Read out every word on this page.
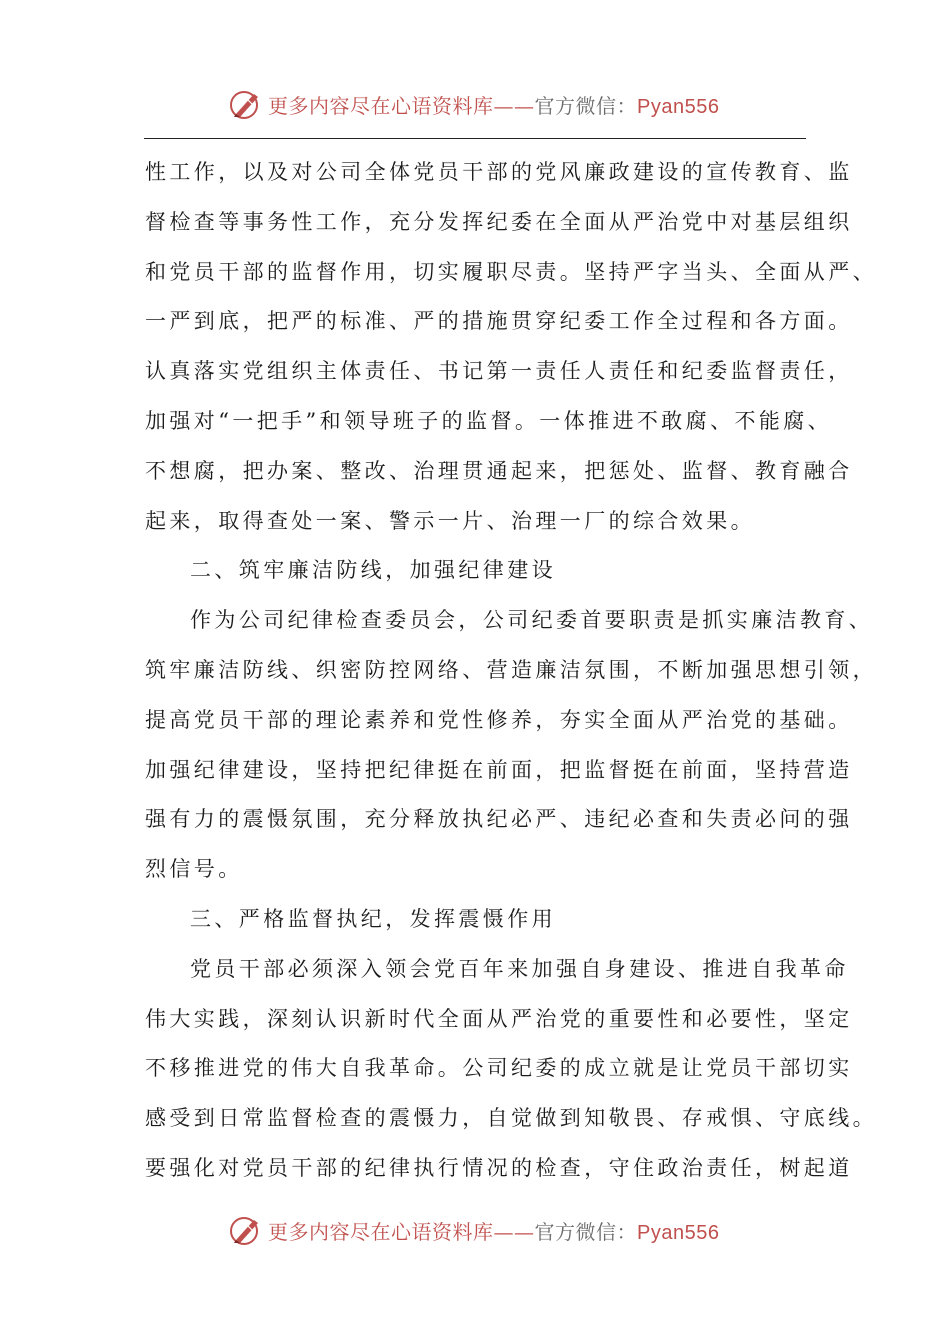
更多内容尽在心语资料库——官方微信：Pyan556
性工作，以及对公司全体党员干部的党风廉政建设的宣传教育、监
督检查等事务性工作，充分发挥纪委在全面从严治党中对基层组织
和党员干部的监督作用，切实履职尽责。坚持严字当头、全面从严、
一严到底，把严的标准、严的措施贯穿纪委工作全过程和各方面。
认真落实党组织主体责任、书记第一责任人责任和纪委监督责任，
加强对“一把手”和领导班子的监督。一体推进不敢腐、不能腐、
不想腐，把办案、整改、治理贯通起来，把惩处、监督、教育融合
起来，取得查处一案、警示一片、治理一厂的综合效果。
二、筑牢廉洁防线，加强纪律建设
作为公司纪律检查委员会，公司纪委首要职责是抓实廉洁教育、
筑牢廉洁防线、织密防控网络、营造廉洁氛围，不断加强思想引领，
提高党员干部的理论素养和党性修养，夯实全面从严治党的基础。
加强纪律建设，坚持把纪律挺在前面，把监督挺在前面，坚持营造
强有力的震慑氛围，充分释放执纪必严、违纪必查和失责必问的强
烈信号。
三、严格监督执纪，发挥震慑作用
党员干部必须深入领会党百年来加强自身建设、推进自我革命
伟大实践，深刻认识新时代全面从严治党的重要性和必要性，坚定
不移推进党的伟大自我革命。公司纪委的成立就是让党员干部切实
感受到日常监督检查的震慑力，自觉做到知敬畏、存戒惧、守底线。
要强化对党员干部的纪律执行情况的检查，守住政治责任，树起道
更多内容尽在心语资料库——官方微信：Pyan556
